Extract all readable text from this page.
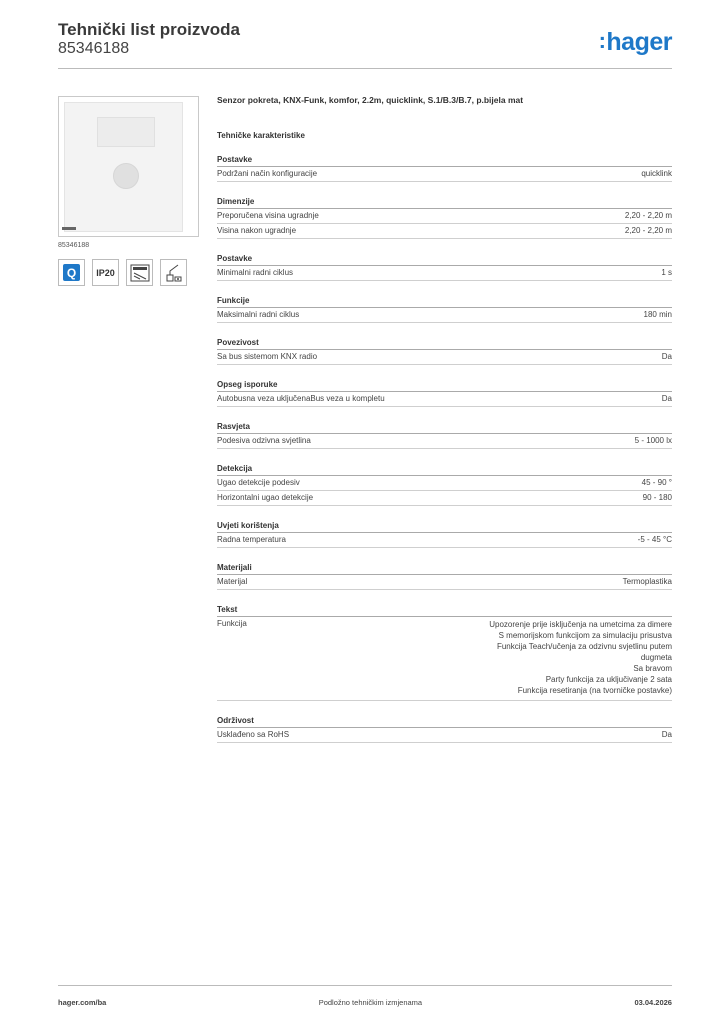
Tehnički list proizvoda
85346188	:hager
85346188
Q	IP20
Senzor pokreta, KNX-Funk, komfor, 2.2m, quicklink, S.1/B.3/B.7, p.bijela mat
Tehničke karakteristike
Postavke
Podržani način konfiguracije	quicklink
Dimenzije
Preporučena visina ugradnje	2,20 - 2,20 m
Visina nakon ugradnje	2,20 - 2,20 m
Postavke
Minimalni radni ciklus	1 s
Funkcije
Maksimalni radni ciklus	180 min
Povezivost
Sa bus sistemom KNX radio	Da
Opseg isporuke
Autobusna veza uključenaBus veza u kompletu	Da
Rasvjeta
Podesiva odzivna svjetlina	5 - 1000 lx
Detekcija
Ugao detekcije podesiv	45 - 90 °
Horizontalni ugao detekcije	90 - 180
Uvjeti korištenja
Radna temperatura	-5 - 45 °C
Materijali
Materijal	Termoplastika
Tekst
Funkcija	Upozorenje prije isključenja na umetcima za dimere
S memorijskom funkcijom za simulaciju prisustva
Funkcija Teach/učenja za odzivnu svjetlinu putem
dugmeta
Sa bravom
Party funkcija za uključivanje 2 sata
Funkcija resetiranja (na tvorničke postavke)
Održivost
Usklađeno sa RoHS	Da
hager.com/ba	Podložno tehničkim izmjenama	03.04.2026
